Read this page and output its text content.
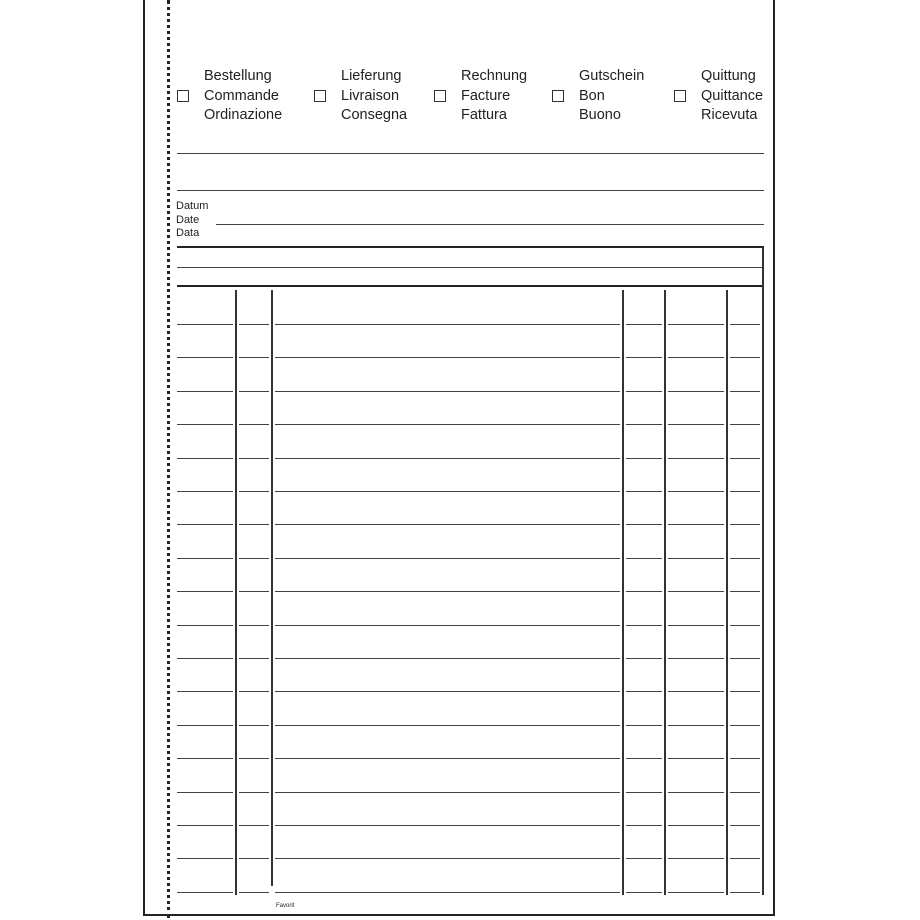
Bestellung
Commande
Ordinazione
Lieferung
Livraison
Consegna
Rechnung
Facture
Fattura
Gutschein
Bon
Buono
Quittung
Quittance
Ricevuta
Datum
Date
Data
Favorit
